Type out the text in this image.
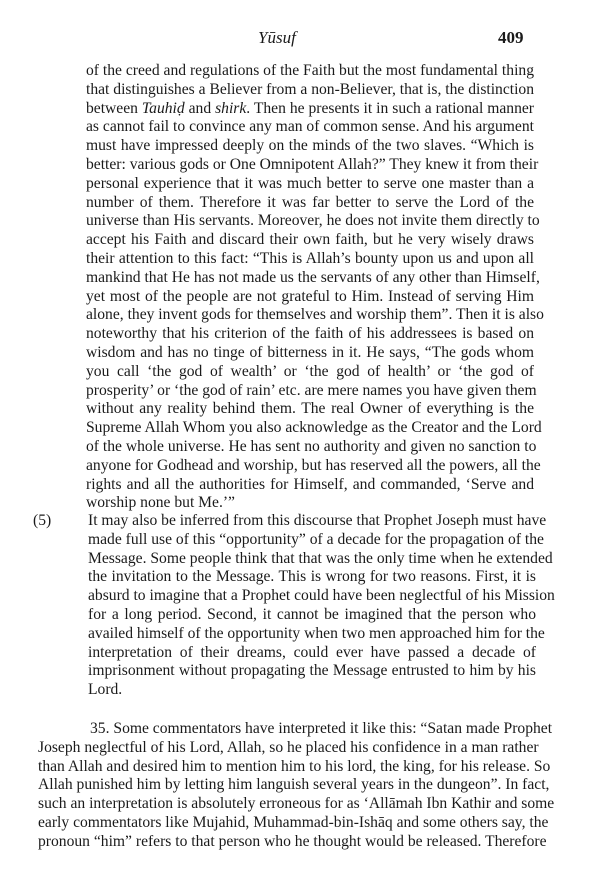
Yūsuf	409
of the creed and regulations of the Faith but the most fundamental thing
that distinguishes a Believer from a non-Believer, that is, the distinction
between Tauhiḍ and shirk. Then he presents it in such a rational manner
as cannot fail to convince any man of common sense. And his argument
must have impressed deeply on the minds of the two slaves. “Which is
better: various gods or One Omnipotent Allah?” They knew it from their
personal experience that it was much better to serve one master than a
number of them. Therefore it was far better to serve the Lord of the
universe than His servants. Moreover, he does not invite them directly to
accept his Faith and discard their own faith, but he very wisely draws
their attention to this fact: “This is Allah’s bounty upon us and upon all
mankind that He has not made us the servants of any other than Himself,
yet most of the people are not grateful to Him. Instead of serving Him
alone, they invent gods for themselves and worship them”. Then it is also
noteworthy that his criterion of the faith of his addressees is based on
wisdom and has no tinge of bitterness in it. He says, “The gods whom
you call ‘the god of wealth’ or ‘the god of health’ or ‘the god of
prosperity’ or ‘the god of rain’ etc. are mere names you have given them
without any reality behind them. The real Owner of everything is the
Supreme Allah Whom you also acknowledge as the Creator and the Lord
of the whole universe. He has sent no authority and given no sanction to
anyone for Godhead and worship, but has reserved all the powers, all the
rights and all the authorities for Himself, and commanded, ‘Serve and
worship none but Me.’”
(5) It may also be inferred from this discourse that Prophet Joseph must have
made full use of this “opportunity” of a decade for the propagation of the
Message. Some people think that that was the only time when he extended
the invitation to the Message. This is wrong for two reasons. First, it is
absurd to imagine that a Prophet could have been neglectful of his Mission
for a long period. Second, it cannot be imagined that the person who
availed himself of the opportunity when two men approached him for the
interpretation of their dreams, could ever have passed a decade of
imprisonment without propagating the Message entrusted to him by his
Lord.
35. Some commentators have interpreted it like this: “Satan made Prophet
Joseph neglectful of his Lord, Allah, so he placed his confidence in a man rather
than Allah and desired him to mention him to his lord, the king, for his release. So
Allah punished him by letting him languish several years in the dungeon”. In fact,
such an interpretation is absolutely erroneous for as ‘Allāmah Ibn Kathir and some
early commentators like Mujahid, Muhammad-bin-Ishāq and some others say, the
pronoun “him” refers to that person who he thought would be released. Therefore
